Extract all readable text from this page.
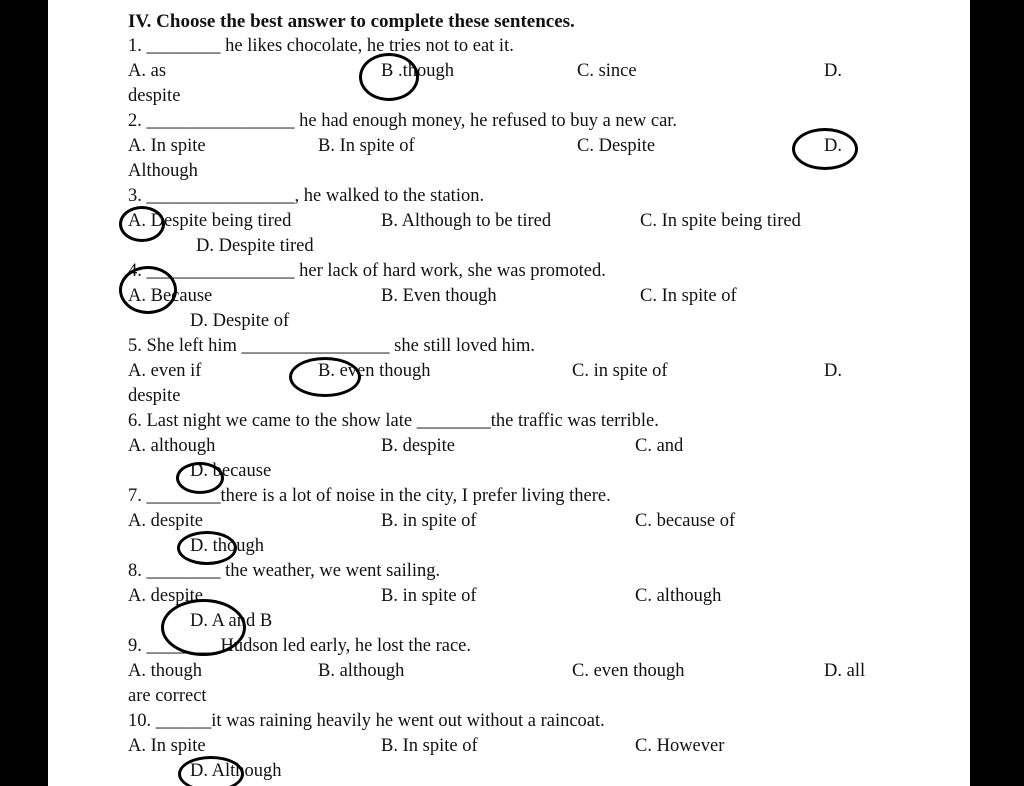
IV. Choose the best answer to complete these sentences.
1. ________ he likes chocolate, he tries not to eat it.
A. as	B .though	C. since	D.
despite
2. ________________ he had enough money, he refused to buy a new car.
A. In spite	B. In spite of	C. Despite	D.
Although
3. ________________, he walked to the station.
A. Despite being tired	B. Although to be tired	C. In spite being tired
D. Despite tired
4. ________________ her lack of hard work, she was promoted.
A. Because	B. Even though	C. In spite of
D. Despite of
5. She left him ________________ she still loved him.
A. even if	B. even though	C. in spite of	D.
despite
6. Last night we came to the show late ________the traffic was terrible.
A. although	B. despite	C. and
D. because
7. ________there is a lot of noise in the city, I prefer living there.
A. despite	B. in spite of	C. because of
D. though
8. ________ the weather, we went sailing.
A. despite	B. in spite of	C. although
D. A and B
9. ________Hudson led early, he lost the race.
A. though	B. although	C. even though	D. all
are correct
10. ______it was raining heavily he went out without a raincoat.
A. In spite	B. In spite of	C. However
D. Although
